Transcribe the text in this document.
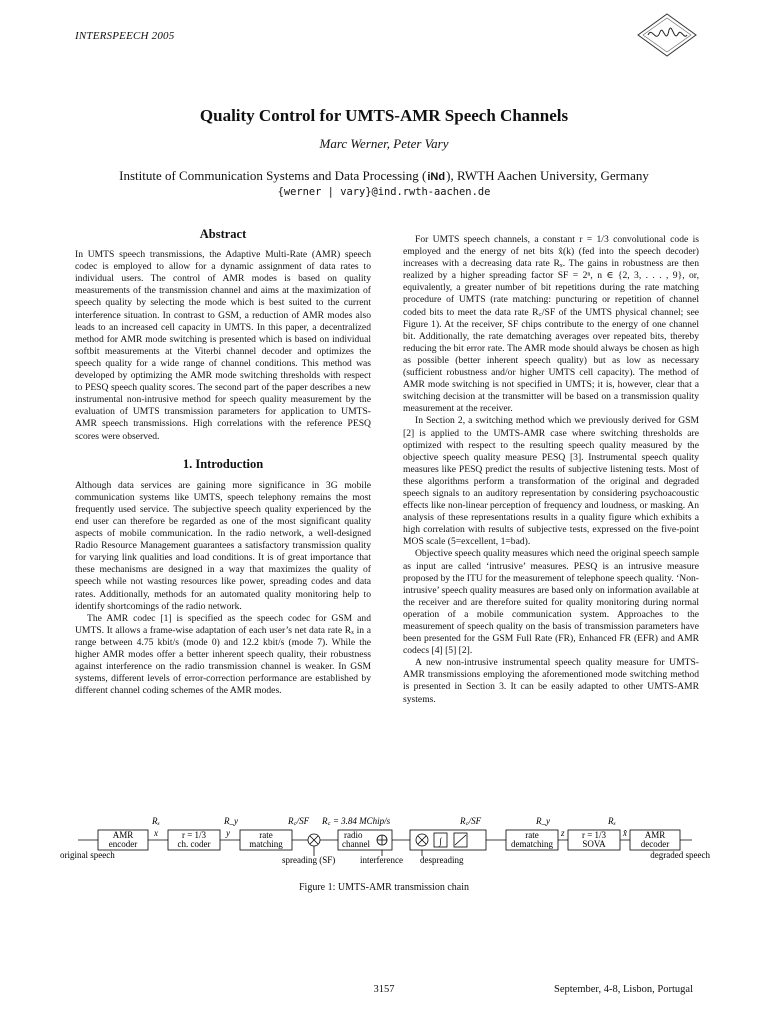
INTERSPEECH 2005
Quality Control for UMTS-AMR Speech Channels
Marc Werner, Peter Vary
Institute of Communication Systems and Data Processing (iNd), RWTH Aachen University, Germany
{werner | vary}@ind.rwth-aachen.de
Abstract

In UMTS speech transmissions, the Adaptive Multi-Rate (AMR) speech codec is employed to allow for a dynamic assignment of data rates to individual users. The control of AMR modes is based on quality measurements of the transmission channel and aims at the maximization of speech quality by selecting the mode which is best suited to the current interference situation. In contrast to GSM, a reduction of AMR modes also leads to an increased cell capacity in UMTS. In this paper, a decentralized method for AMR mode switching is presented which is based on individual softbit measurements at the Viterbi channel decoder and optimizes the speech quality for a wide range of channel conditions. This method was developed by optimizing the AMR mode switching thresholds with respect to PESQ speech quality scores. The second part of the paper describes a new instrumental non-intrusive method for speech quality measurement by the evaluation of UMTS transmission parameters for application to UMTS-AMR speech transmissions. High correlations with the reference PESQ scores were observed.

1. Introduction

Although data services are gaining more significance in 3G mobile communication systems like UMTS, speech telephony remains the most frequently used service. The subjective speech quality experienced by the end user can therefore be regarded as one of the most significant quality aspects of mobile communication. In the radio network, a well-designed Radio Resource Management guarantees a satisfactory transmission quality for varying link qualities and load conditions. It is of great importance that these mechanisms are designed in a way that maximizes the quality of speech while not wasting resources like power, spreading codes and data rates. Additionally, methods for an automated quality monitoring help to identify shortcomings of the radio network.

The AMR codec [1] is specified as the speech codec for GSM and UMTS. It allows a frame-wise adaptation of each user’s net data rate Rₓ in a range between 4.75 kbit/s (mode 0) and 12.2 kbit/s (mode 7). While the higher AMR modes offer a better inherent speech quality, their robustness against interference on the radio transmission channel is weaker. In GSM systems, different levels of error-correction performance are established by different channel coding schemes of the AMR modes.

For UMTS speech channels, a constant r = 1/3 convolutional code is employed and the energy of net bits x̂(k) (fed into the speech decoder) increases with a decreasing data rate Rₓ. The gains in robustness are then realized by a higher spreading factor SF = 2ⁿ, n ∈ {2, 3, . . . , 9}, or, equivalently, a greater number of bit repetitions during the rate matching procedure of UMTS (rate matching: puncturing or repetition of channel coded bits to meet the data rate R꜀/SF of the UMTS physical channel; see Figure 1). At the receiver, SF chips contribute to the energy of one channel bit. Additionally, the rate dematching averages over repeated bits, thereby reducing the bit error rate. The AMR mode should always be chosen as high as possible (better inherent speech quality) but as low as necessary (sufficient robustness and/or higher UMTS cell capacity). The method of AMR mode switching is not specified in UMTS; it is, however, clear that a switching decision at the transmitter will be based on a transmission quality measurement at the receiver.

In Section 2, a switching method which we previously derived for GSM [2] is applied to the UMTS-AMR case where switching thresholds are optimized with respect to the resulting speech quality measured by the objective speech quality measure PESQ [3]. Instrumental speech quality measures like PESQ predict the results of subjective listening tests. Most of these algorithms perform a transformation of the original and degraded speech signals to an auditory representation by considering psychoacoustic effects like non-linear perception of frequency and loudness, or masking. An analysis of these representations results in a quality figure which exhibits a high correlation with results of subjective tests, expressed on the five-point MOS scale (5=excellent, 1=bad).

Objective speech quality measures which need the original speech sample as input are called ‘intrusive’ measures. PESQ is an intrusive measure proposed by the ITU for the measurement of telephone speech quality. ‘Non-intrusive’ speech quality measures are based only on information available at the receiver and are therefore suited for quality monitoring during normal operation of a mobile communication system. Approaches to the measurement of speech quality on the basis of transmission parameters have been presented for the GSM Full Rate (FR), Enhanced FR (EFR) and AMR codecs [4] [5] [2].

A new non-intrusive instrumental speech quality measure for UMTS-AMR transmissions employing the aforementioned mode switching method is presented in Section 3. It can be easily adapted to other UMTS-AMR systems.

AMR
encoder
r = 1/3
ch. coder
rate
matching
radio
channel	∫
rate
dematching
r = 1/3
SOVA
AMR
decoder
Rₓ	R_y	R꜀/SF R꜀ = 3.84 MChip/s	R꜀/SF	R_y	Rₓ
x	y	z	x̂
original speech	spreading (SF)	interference despreading	degraded speech
Figure 1: UMTS-AMR transmission chain
3157	September, 4-8, Lisbon, Portugal
